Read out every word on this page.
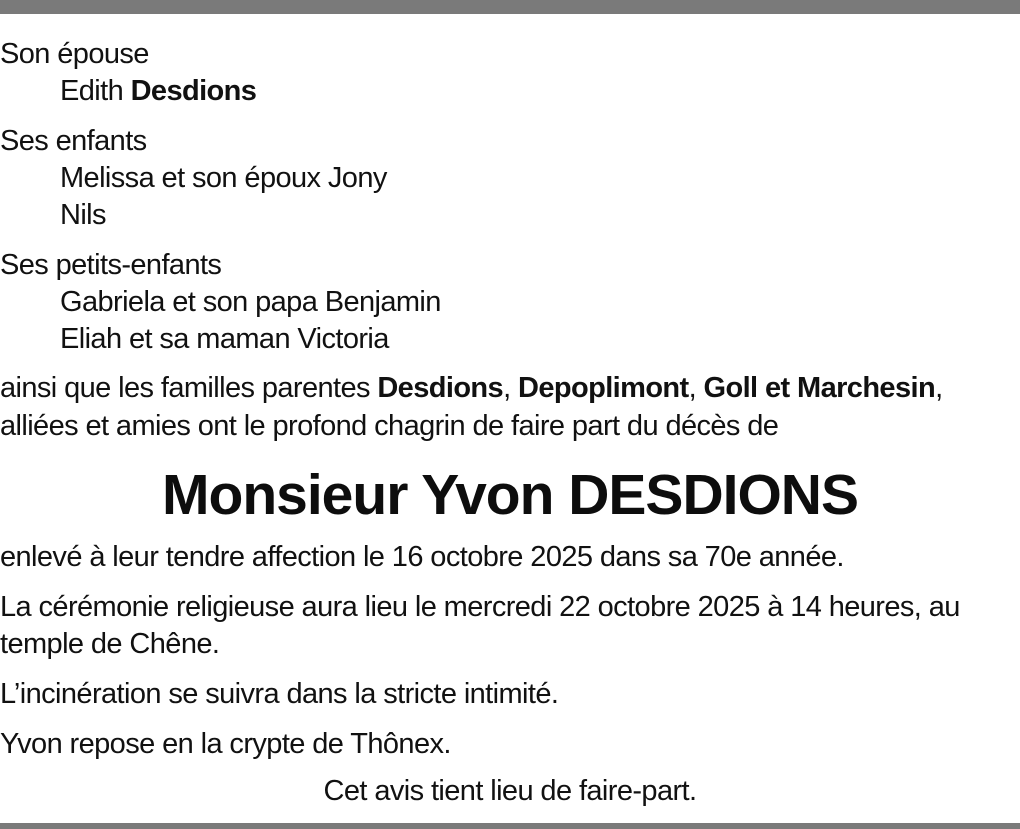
Son épouse
Edith Desdions
Ses enfants
Melissa et son époux Jony
Nils
Ses petits-enfants
Gabriela et son papa Benjamin
Eliah et sa maman Victoria
ainsi que les familles parentes Desdions, Depoplimont, Goll et Marchesin,
alliées et amies ont le profond chagrin de faire part du décès de
Monsieur Yvon DESDIONS
enlevé à leur tendre affection le 16 octobre 2025 dans sa 70e année.
La cérémonie religieuse aura lieu le mercredi 22 octobre 2025 à 14 heures, au
temple de Chêne.
L’incinération se suivra dans la stricte intimité.
Yvon repose en la crypte de Thônex.
Cet avis tient lieu de faire-part.
